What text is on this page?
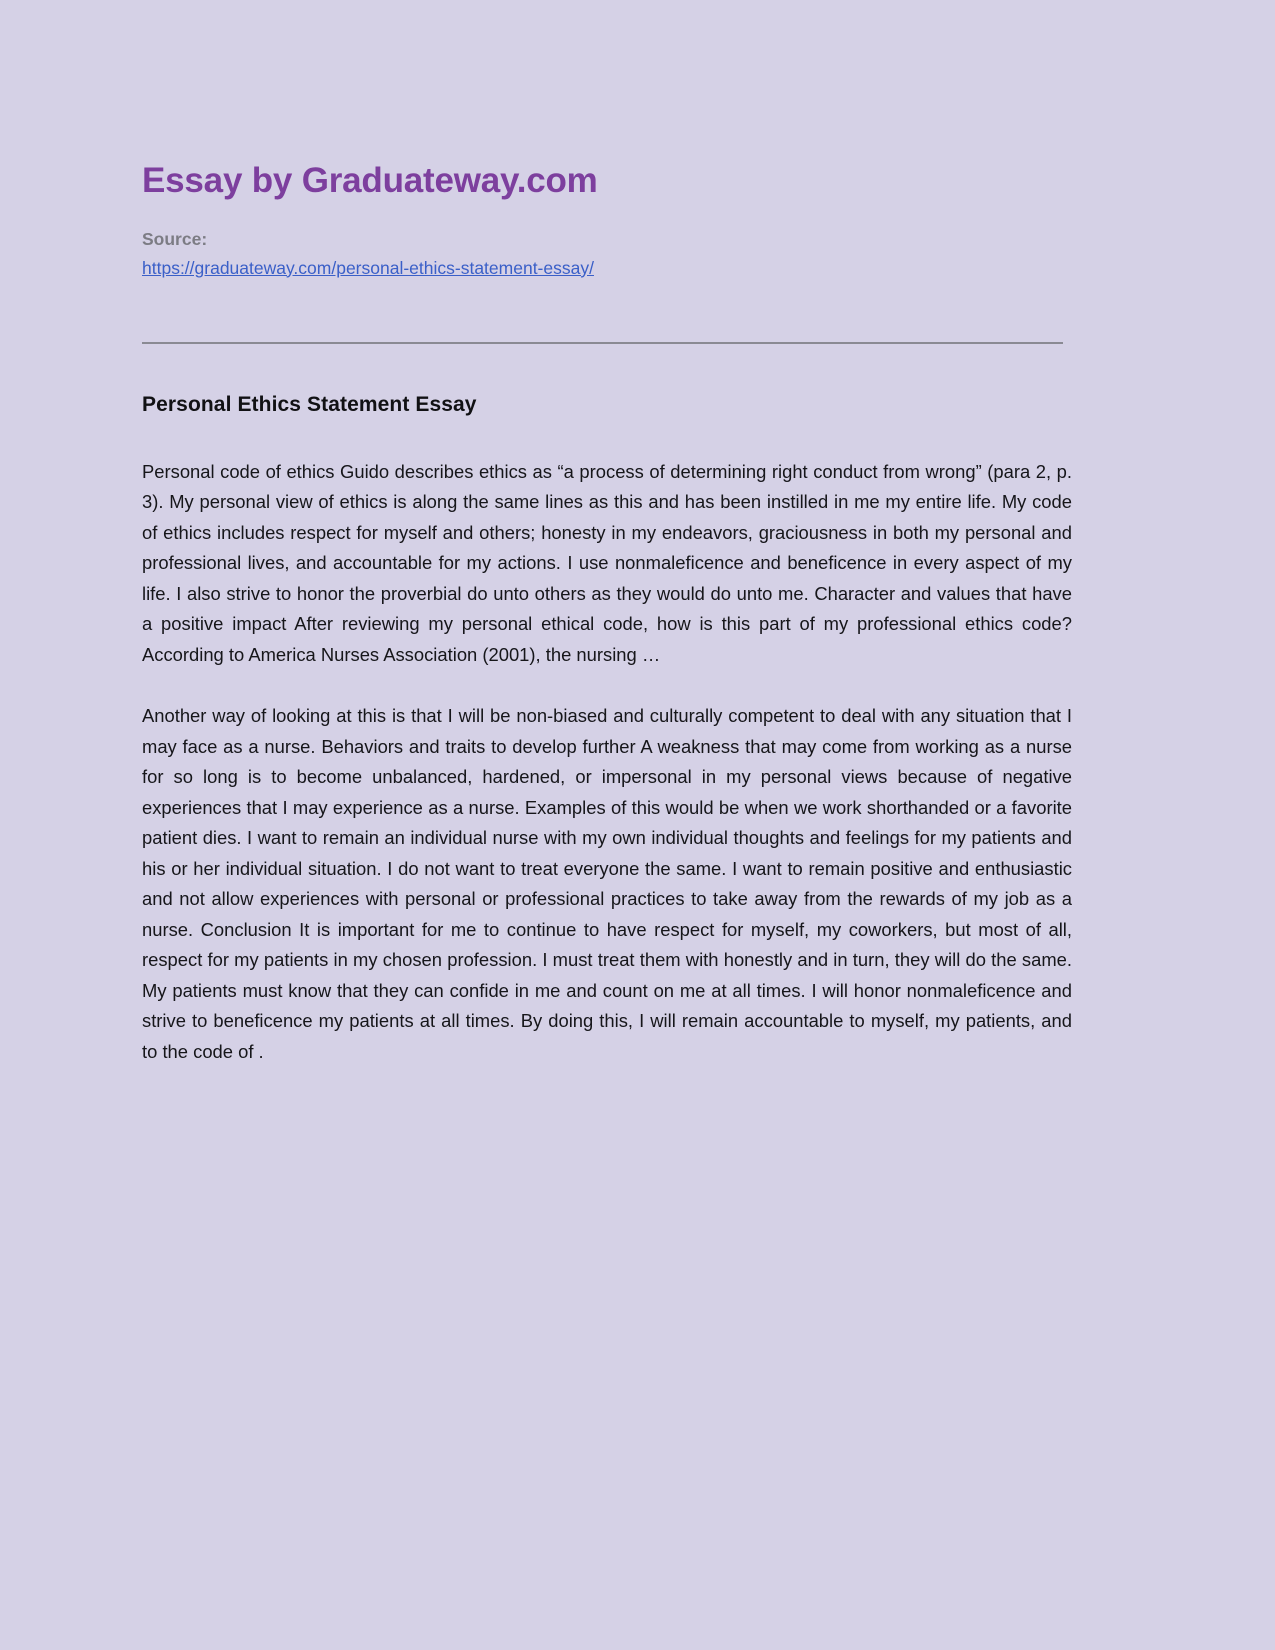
Essay by Graduateway.com
Source:
https://graduateway.com/personal-ethics-statement-essay/
Personal Ethics Statement Essay

Personal code of ethics Guido describes ethics as “a process of determining right conduct from wrong” (para 2, p. 3). My personal view of ethics is along the same lines as this and has been instilled in me my entire life. My code of ethics includes respect for myself and others; honesty in my endeavors, graciousness in both my personal and professional lives, and accountable for my actions. I use nonmaleficence and beneficence in every aspect of my life. I also strive to honor the proverbial do unto others as they would do unto me. Character and values that have a positive impact After reviewing my personal ethical code, how is this part of my professional ethics code? According to America Nurses Association (2001), the nursing …

Another way of looking at this is that I will be non-biased and culturally competent to deal with any situation that I may face as a nurse. Behaviors and traits to develop further A weakness that may come from working as a nurse for so long is to become unbalanced, hardened, or impersonal in my personal views because of negative experiences that I may experience as a nurse. Examples of this would be when we work shorthanded or a favorite patient dies. I want to remain an individual nurse with my own individual thoughts and feelings for my patients and his or her individual situation. I do not want to treat everyone the same. I want to remain positive and enthusiastic and not allow experiences with personal or professional practices to take away from the rewards of my job as a nurse. Conclusion It is important for me to continue to have respect for myself, my coworkers, but most of all, respect for my patients in my chosen profession. I must treat them with honestly and in turn, they will do the same. My patients must know that they can confide in me and count on me at all times. I will honor nonmaleficence and strive to beneficence my patients at all times. By doing this, I will remain accountable to myself, my patients, and to the code of .
